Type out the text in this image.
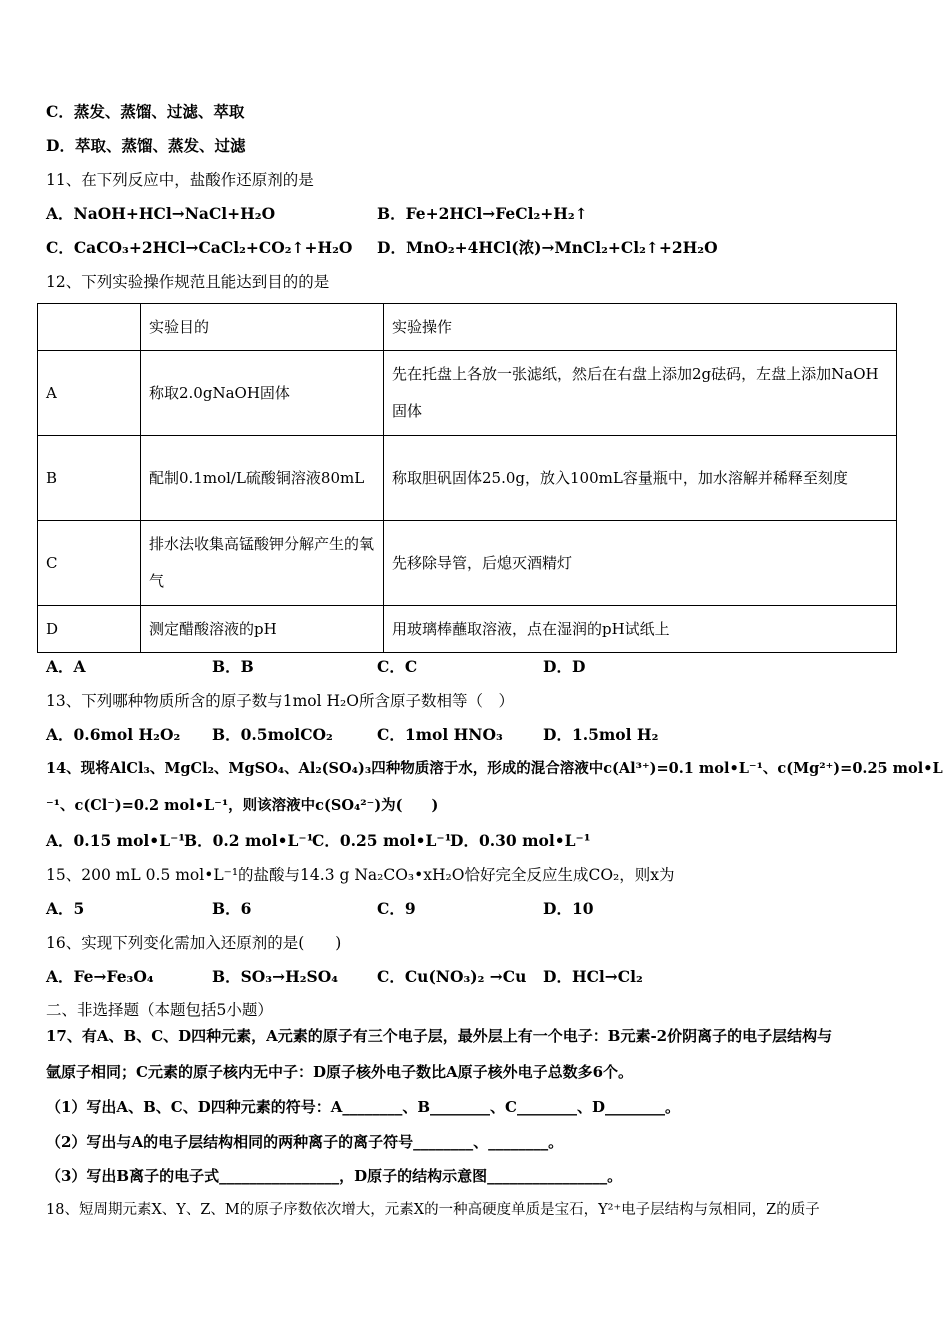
C．蒸发、蒸馏、过滤、萃取
D．萃取、蒸馏、蒸发、过滤
11、在下列反应中，盐酸作还原剂的是
A．NaOH+HCl→NaCl+H₂O	B．Fe+2HCl→FeCl₂+H₂↑
C．CaCO₃+2HCl→CaCl₂+CO₂↑+H₂O D．MnO₂+4HCl(浓)→MnCl₂+Cl₂↑+2H₂O
12、下列实验操作规范且能达到目的的是
	实验目的	实验操作
A	称取2.0gNaOH固体	先在托盘上各放一张滤纸，然后在右盘上添加2g砝码，左盘上添加NaOH固体
B	配制0.1mol/L硫酸铜溶液80mL	称取胆矾固体25.0g，放入100mL容量瓶中，加水溶解并稀释至刻度
C	排水法收集高锰酸钾分解产生的氧气	先移除导管，后熄灭酒精灯
D	测定醋酸溶液的pH	用玻璃棒蘸取溶液，点在湿润的pH试纸上
A．A	B．B	C．C	D．D
13、下列哪种物质所含的原子数与1mol H₂O所含原子数相等（　）
A．0.6mol H₂O₂ B．0.5molCO₂	C．1mol HNO₃	D．1.5mol H₂
14、现将AlCl₃、MgCl₂、MgSO₄、Al₂(SO₄)₃四种物质溶于水，形成的混合溶液中c(Al³⁺)=0.1 mol•L⁻¹、c(Mg²⁺)=0.25 mol•L
⁻¹、c(Cl⁻)=0.2 mol•L⁻¹，则该溶液中c(SO₄²⁻)为(　　)
A．0.15 mol•L⁻¹
B．0.2 mol•L⁻¹
C．0.25 mol•L⁻¹
D．0.30 mol•L⁻¹
15、200 mL 0.5 mol•L⁻¹的盐酸与14.3 g Na₂CO₃•xH₂O恰好完全反应生成CO₂，则x为
A．5	B．6	C．9	D．10
16、实现下列变化需加入还原剂的是(　　)
A．Fe→Fe₃O₄	B．SO₃→H₂SO₄	C．Cu(NO₃)₂ →Cu D．HCl→Cl₂
二、非选择题（本题包括5小题）
17、有A、B、C、D四种元素，A元素的原子有三个电子层，最外层上有一个电子：B元素-2价阴离子的电子层结构与
氩原子相同；C元素的原子核内无中子：D原子核外电子数比A原子核外电子总数多6个。
（1）写出A、B、C、D四种元素的符号：A________、B________、C________、D________。
（2）写出与A的电子层结构相同的两种离子的离子符号________、________。
（3）写出B离子的电子式________________，D原子的结构示意图________________。
18、短周期元素X、Y、Z、M的原子序数依次增大，元素X的一种高硬度单质是宝石，Y²⁺电子层结构与氖相同，Z的质子
